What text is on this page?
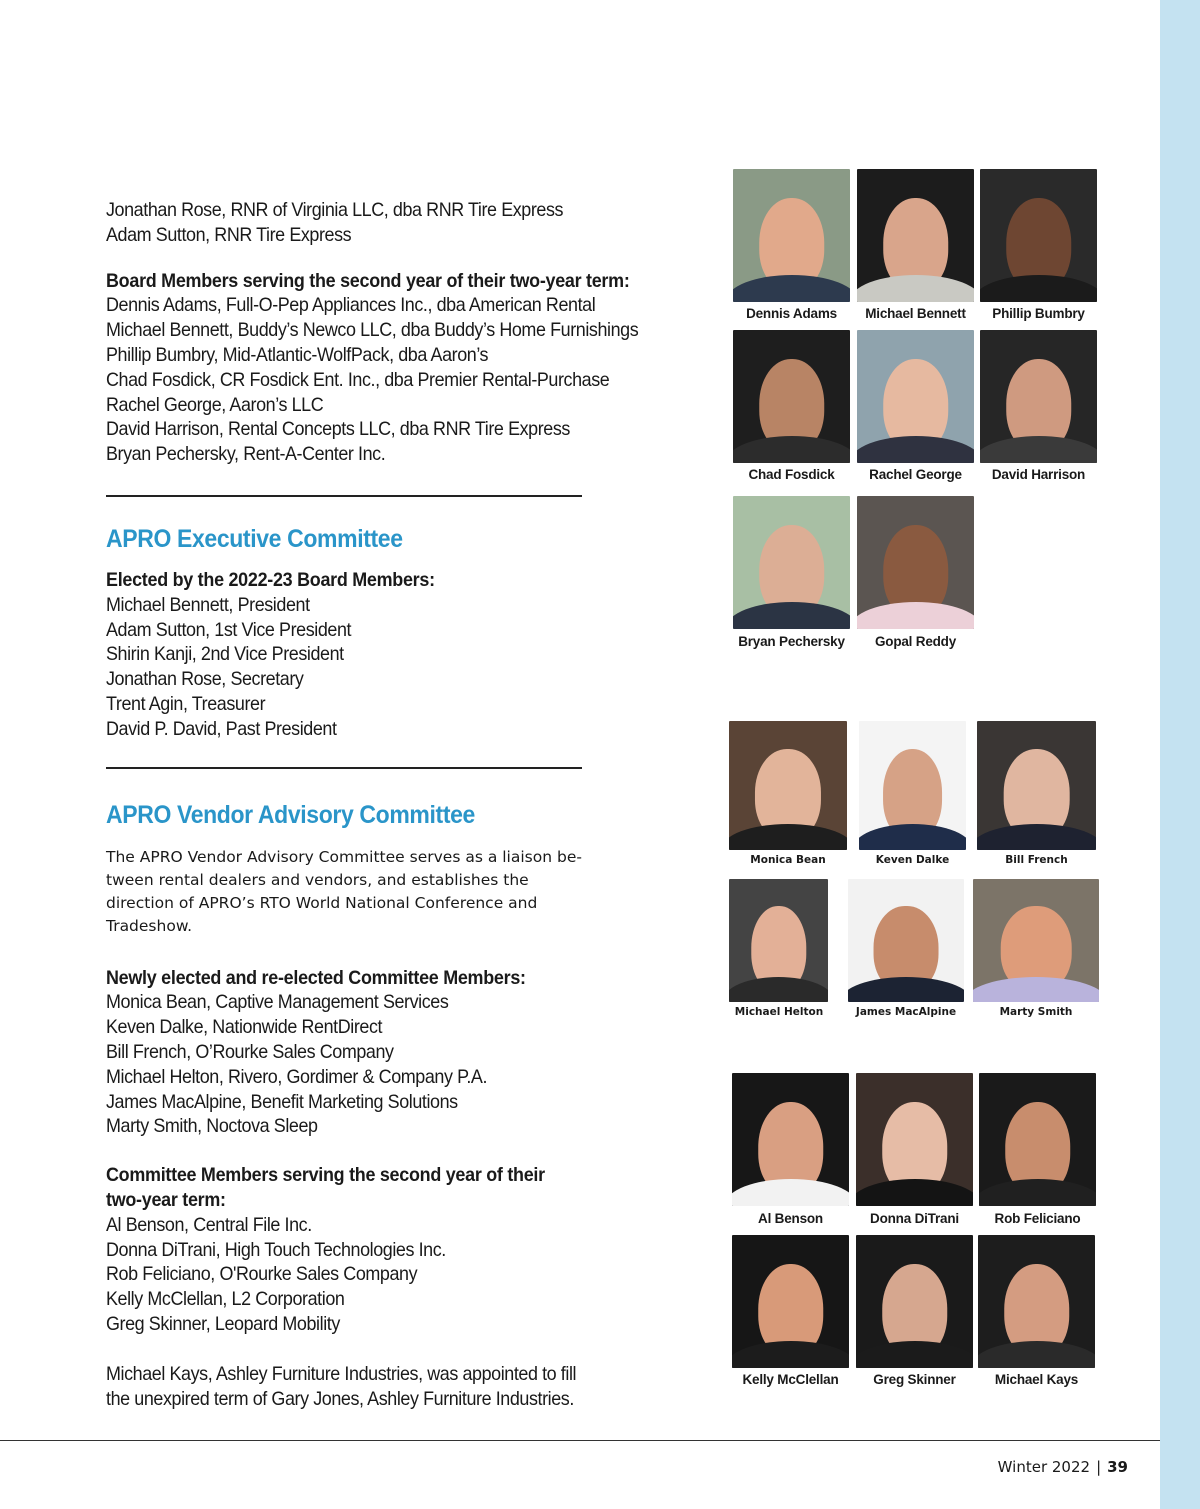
Jonathan Rose, RNR of Virginia LLC, dba RNR Tire Express
Adam Sutton, RNR Tire Express
Board Members serving the second year of their two-year term:
Dennis Adams, Full-O-Pep Appliances Inc., dba American Rental
Michael Bennett, Buddy’s Newco LLC, dba Buddy’s Home Furnishings
Phillip Bumbry, Mid-Atlantic-WolfPack, dba Aaron’s
Chad Fosdick, CR Fosdick Ent. Inc., dba Premier Rental-Purchase
Rachel George, Aaron’s LLC
David Harrison, Rental Concepts LLC, dba RNR Tire Express
Bryan Pechersky, Rent-A-Center Inc.
APRO Executive Committee
Elected by the 2022-23 Board Members:
Michael Bennett, President
Adam Sutton, 1st Vice President
Shirin Kanji, 2nd Vice President
Jonathan Rose, Secretary
Trent Agin, Treasurer
David P. David, Past President
APRO Vendor Advisory Committee
The APRO Vendor Advisory Committee serves as a liaison be-tween rental dealers and vendors, and establishes the direction of APRO’s RTO World National Conference and Tradeshow.
Newly elected and re-elected Committee Members:
Monica Bean, Captive Management Services
Keven Dalke, Nationwide RentDirect
Bill French, O’Rourke Sales Company
Michael Helton, Rivero, Gordimer & Company P.A.
James MacAlpine, Benefit Marketing Solutions
Marty Smith, Noctova Sleep
Committee Members serving the second year of their
two-year term:
Al Benson, Central File Inc.
Donna DiTrani, High Touch Technologies Inc.
Rob Feliciano, O'Rourke Sales Company
Kelly McClellan, L2 Corporation
Greg Skinner, Leopard Mobility
Michael Kays, Ashley Furniture Industries, was appointed to fill
the unexpired term of Gary Jones, Ashley Furniture Industries.
Dennis Adams	Michael Bennett	Phillip Bumbry
Chad Fosdick	Rachel George	David Harrison
Bryan Pechersky	Gopal Reddy
Monica Bean	Keven Dalke	Bill French
Michael Helton	James MacAlpine	Marty Smith
Al Benson	Donna DiTrani	Rob Feliciano
Kelly McClellan	Greg Skinner	Michael Kays
Winter 2022 | 39
